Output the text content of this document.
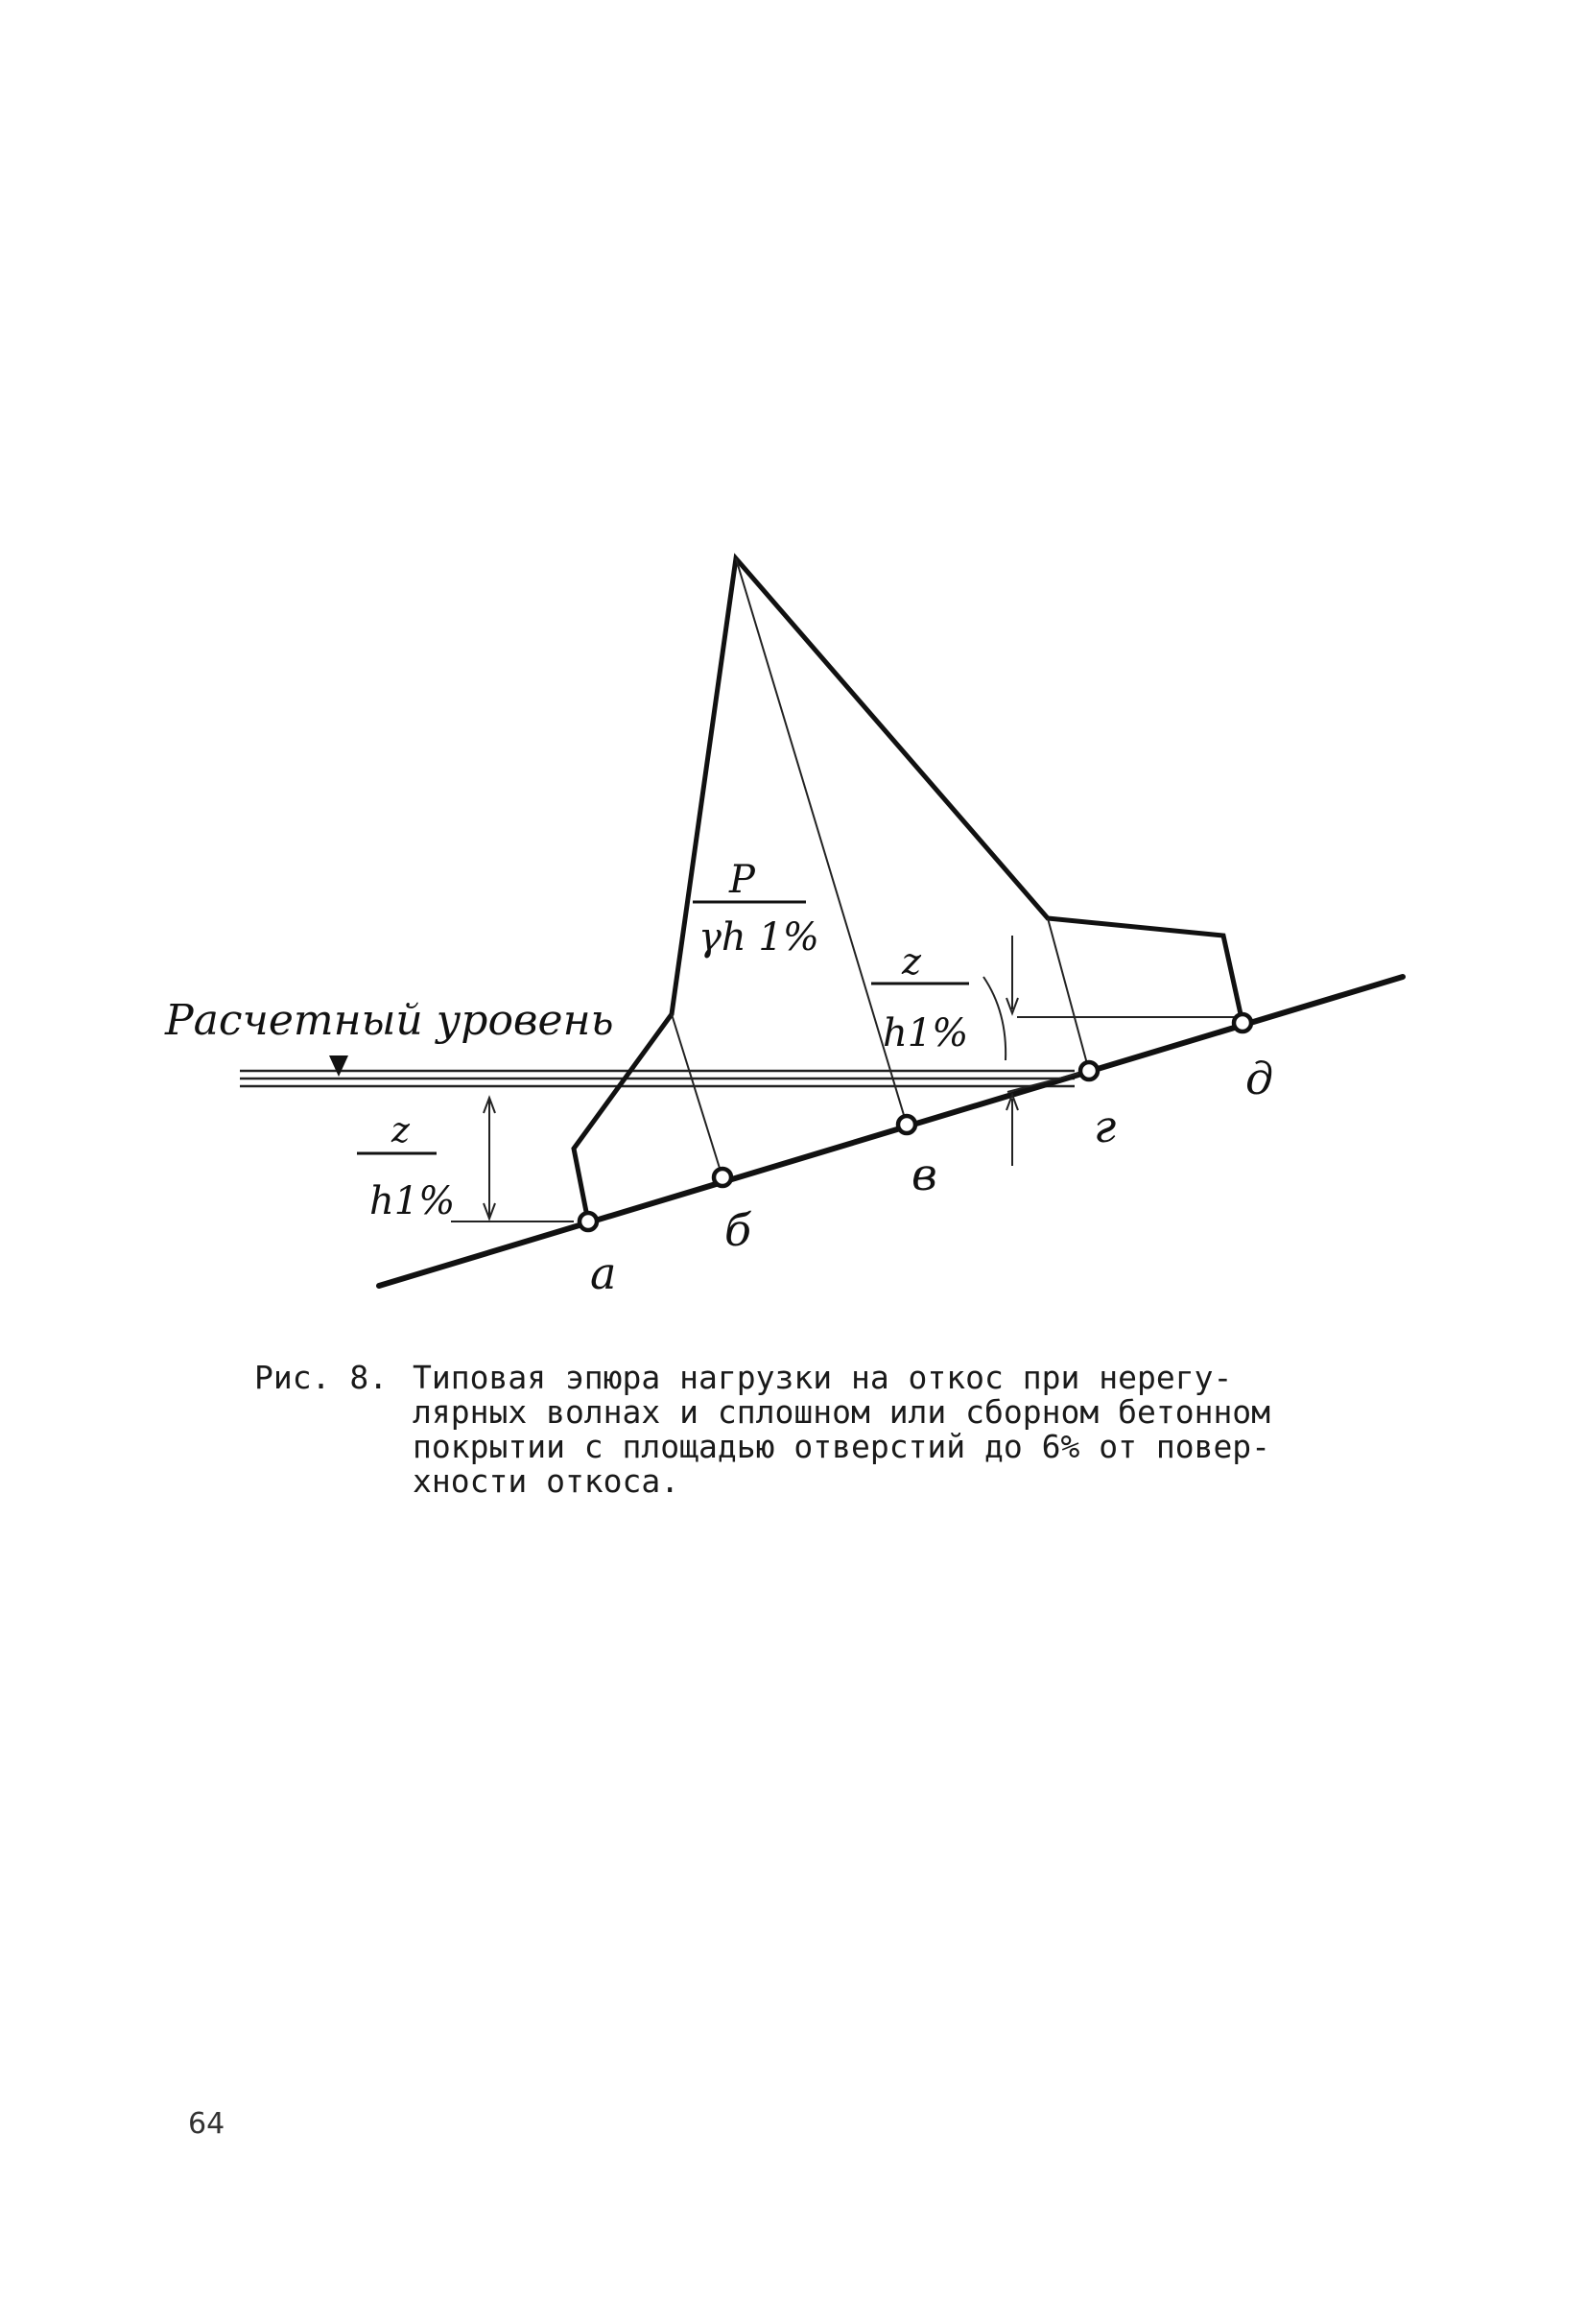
Расчетный уровень
P
γh 1%
z
h1%
z
h1%
а
б
в
г
д
Рис. 8. Типовая эпюра нагрузки на откос при нерегу-
лярных волнах и сплошном или сборном бетонном
покрытии с площадью отверстий до 6% от повер-
хности откоса.
64
